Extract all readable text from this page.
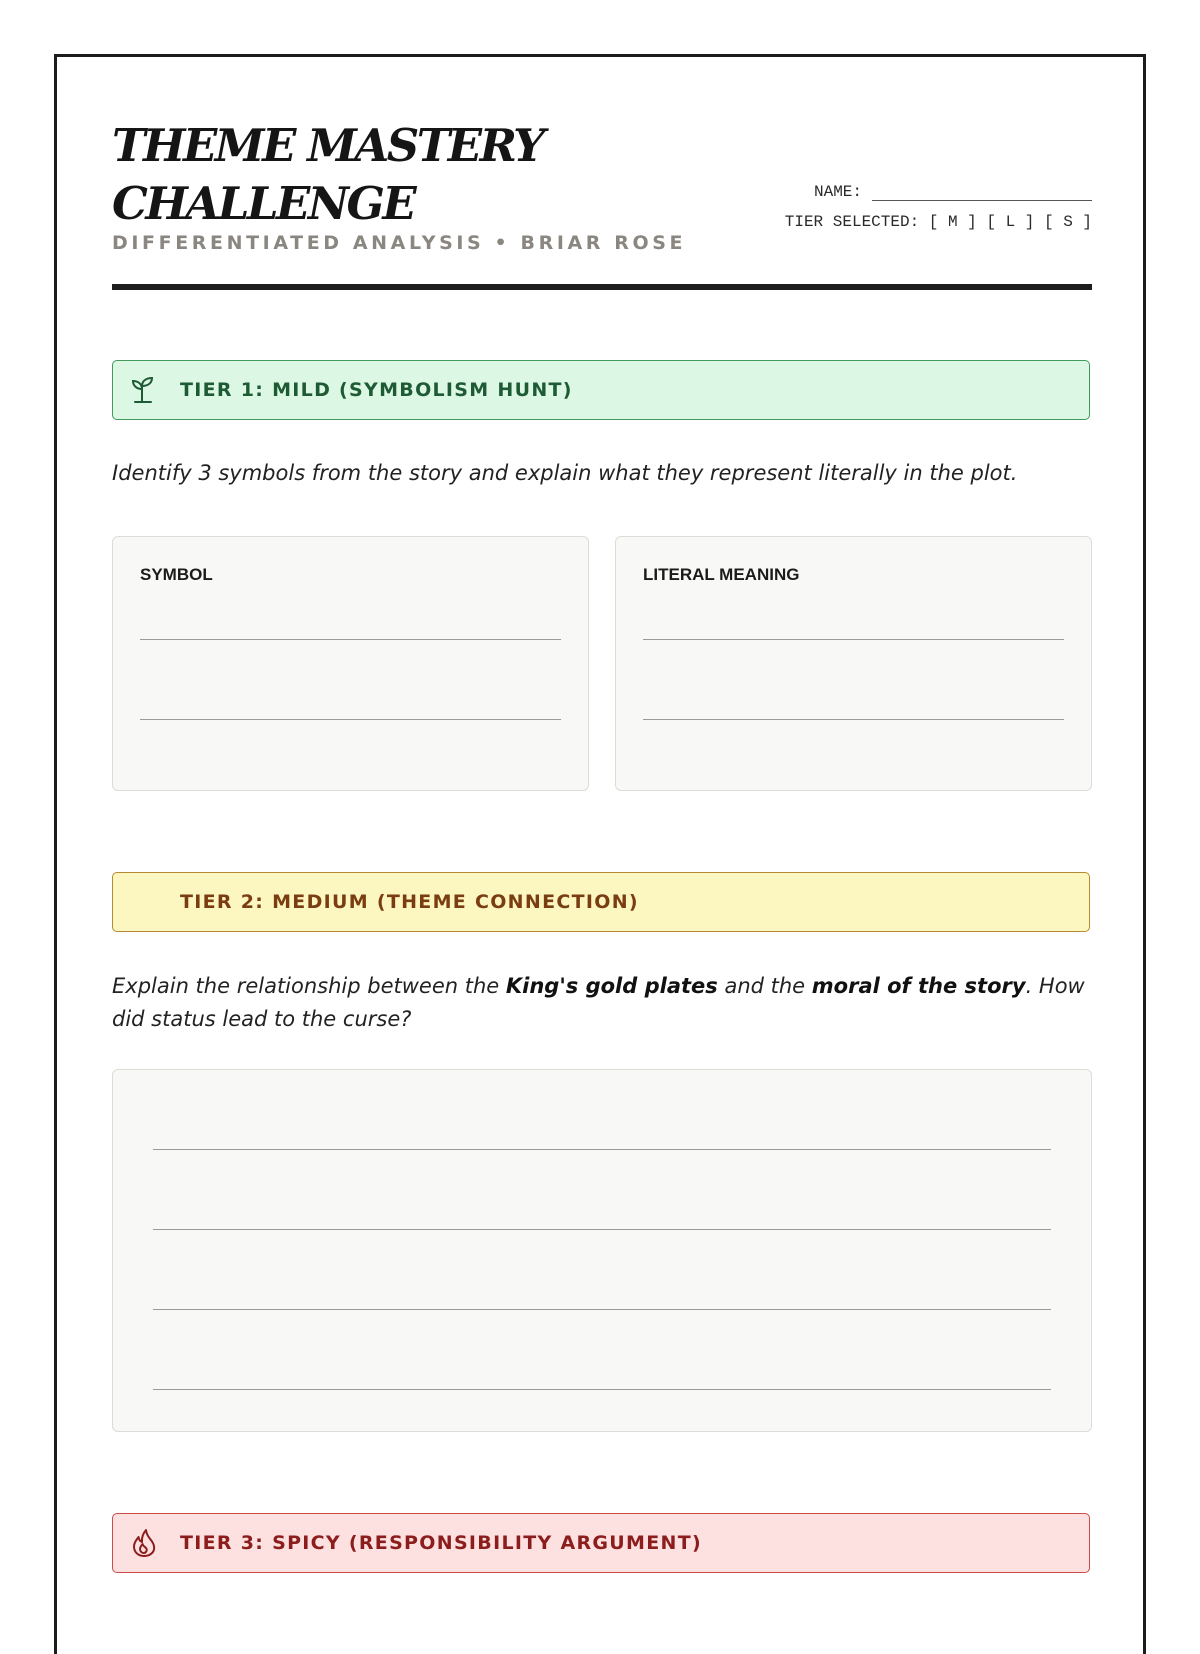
THEME MASTERY CHALLENGE
DIFFERENTIATED ANALYSIS • BRIAR ROSE
NAME:
TIER SELECTED: [ M ] [ L ] [ S ]
TIER 1: MILD (SYMBOLISM HUNT)
Identify 3 symbols from the story and explain what they represent literally in the plot.
SYMBOL	LITERAL MEANING
TIER 2: MEDIUM (THEME CONNECTION)
Explain the relationship between the King's gold plates and the moral of the story. How did status lead to the curse?
TIER 3: SPICY (RESPONSIBILITY ARGUMENT)
